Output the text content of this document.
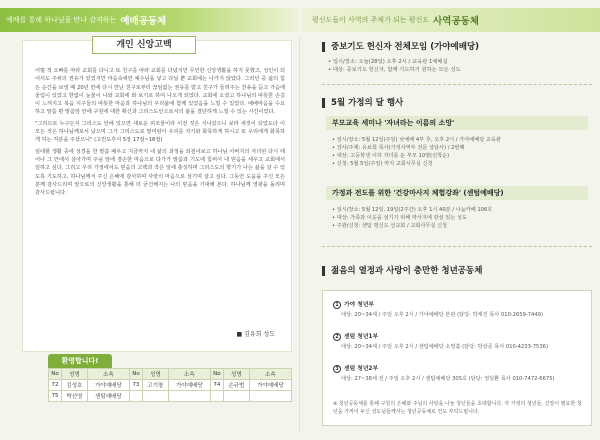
예배를 통해 하나님을 만나 감격하는 예배공동체	평신도들이 사역의 주체가 되는 평신도 사역공동체

어릴 적 오빠를 따라 교회를 다니고 또 친구를 따라 교회를 다녔지만 무언한 신앙생활을 하지 못했고, 성인이 되어서도 주위의 권유가 있었지만 마음속에만 예수님을 넣고 다닐 뿐 교회에는 나가지 않았다. 그러던 중 삶의 힘든 순간을 보낼 때 20년 만에 다시 만난 친구로부터 끊임없는 권유를 받고 친구가 들려주는 찬송을 듣고 가슴에 울림이 있었고 한없이 눈물이 나와 교회에 와 보기로 하여 나오게 되었다. 교회에 오셨고 하나님의 따뜻한 손길이 느껴지고 복음 식구들의 따뜻한 마음과 하나님의 우리삶에 함께 있었음을 느낄 수 있었다. 예배마음을 수요하고 말씀 편 말씀앞 안에 구원에 대한 확신과 그리스도인으로서의 삶을 결단하게 느낄 수 있는 시간이었다.

"그러므로 누구든지 그리스도 안에 있으면 새로운 피조물이라 이전 것은 지나갔으니 보라 새것이 되었도다 이 모든 것은 하나님께로서 났으며 그가 그리스도로 말미암아 우리를 자기와 화목하게 하시고 또 우리에게 화목하게 하는 직분을 주셨으니" (고린도후서 5장 17절~18절)

임대할 생활 중에 성경을 한 말씀 배우고 지금까지 내 삶의 과정을 되짚어보고 하나님 아버지의 자녀된 다시 태어나 그 안에서 살아가며 주님 앞에 겸손한 마음으로 다가가 말씀과 기도에 힘써서 내 믿음을 세우고 교회에서 일하고 싶다. 그리고 우리 가정에서도 믿음의 고백과 작은 일에 충성하며 그리스도의 향기가 나는 삶을 살 수 있도록 기도하고, 하나님께서 주신 은혜에 감사하며 사랑의 마음으로 섬기며 살고 싶다. 그동안 도움을 주신 모든 분께 감사드리며 앞으로의 신앙생활을 통해 더 굳건해지는 나의 믿음을 기대해 본다. 하나님께 영광을 돌리며 감사드립니다.

■ 김유희 성도
개인 신앙고백
환영합니다!
No	성명	소속	No	성명	소속	No	성명	소속
72	김성호	가야예배당	73	고기창	가야예배당	74	손규범	가야예배당
75	박선영	센텀예배당						
중보기도 헌신자 전체모임 (가야예배당)
• 일시/장소: 오늘(28일) 오후 2시 / 교육관 1예배실
• 대상: 중보기도 헌신자, 함께 기도하기 원하는 모든 성도
5월 가정의 달 행사
부모교육 세미나 '자녀라는 이름의 소망'
• 일시/장소: 5월 12일(주일) 낮예배 4부 후, 오후 2시 / 가야예배당 교육관
• 강사/주제: 유보희 목사(가정사역부 전문 상담사) / 2번째
• 대상: 고등학생 이하 자녀를 둔 부모 10명(선착순)
• 신청: 5월 5일(주일) 까지 교회사무실 신청
가정과 전도를 위한 '건강마사지 체험강좌' (센텀예배당)
• 일시/장소: 5월 12일, 19일(2주간) 오후 1시 40분 / 나눔카페 106호
• 대상: 가족과 이웃을 섬기기 위해 마사지에 관심 있는 성도
• 주관/신청: 센텀 평신도 선교회 / 교회사무실 신청
젊음의 열정과 사랑이 충만한 청년공동체
1 가야 청년부
대상: 20~34세 / 주일 오후 2시 / 가야예배당 본관 (담당: 박재진 목사 010-2659-7449)
2 센텀 청년1부
대상: 20~34세 / 주일 오후 2시 / 센텀예배당 소망홀 (담당: 박상준 목사 010-4233-7536)
3 센텀 청년2부
대상: 27~38세 전 / 주일 오후 2시 / 센텀예배당 305호 (담당: 정일환 목사 010-7472-6675)
※ 청년공동체를 통해 구원의 은혜와 주님의 사랑을 나눌 청년들을 초대합니다. 각 가정의 청년들, 신앙이 필요한 청년을 가까이 두신 성도님들께서는 청년공동체로 인도 부탁드립니다.
